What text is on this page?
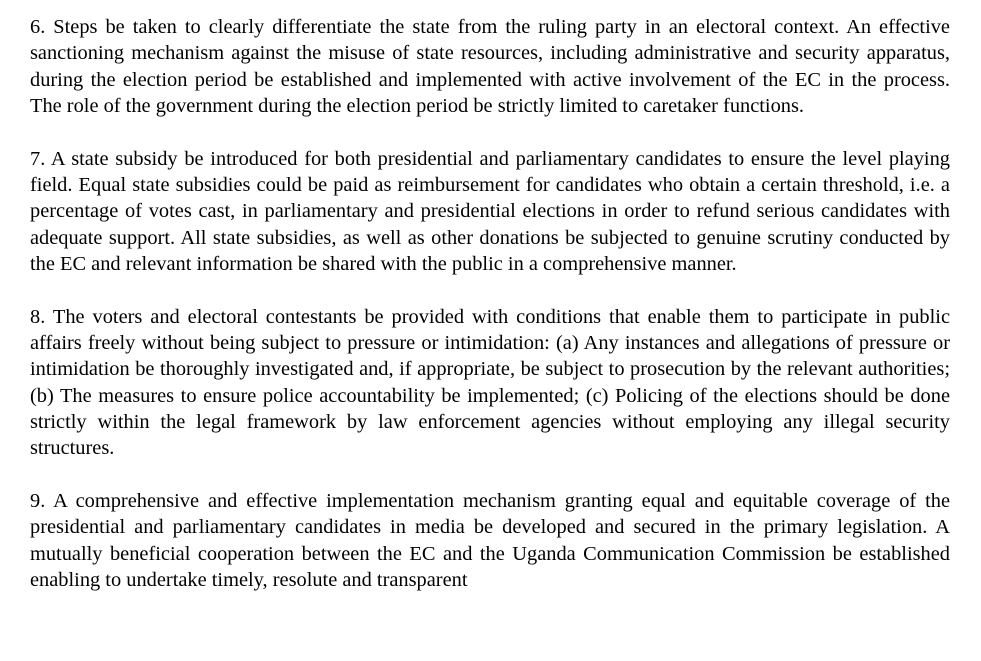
6. Steps be taken to clearly differentiate the state from the ruling party in an electoral context. An effective sanctioning mechanism against the misuse of state resources, including administrative and security apparatus, during the election period be established and implemented with active involvement of the EC in the process. The role of the government during the election period be strictly limited to caretaker functions.

7. A state subsidy be introduced for both presidential and parliamentary candidates to ensure the level playing field. Equal state subsidies could be paid as reimbursement for candidates who obtain a certain threshold, i.e. a percentage of votes cast, in parliamentary and presidential elections in order to refund serious candidates with adequate support. All state subsidies, as well as other donations be subjected to genuine scrutiny conducted by the EC and relevant information be shared with the public in a comprehensive manner.

8. The voters and electoral contestants be provided with conditions that enable them to participate in public affairs freely without being subject to pressure or intimidation: (a) Any instances and allegations of pressure or intimidation be thoroughly investigated and, if appropriate, be subject to prosecution by the relevant authorities; (b) The measures to ensure police accountability be implemented; (c) Policing of the elections should be done strictly within the legal framework by law enforcement agencies without employing any illegal security structures.

9. A comprehensive and effective implementation mechanism granting equal and equitable coverage of the presidential and parliamentary candidates in media be developed and secured in the primary legislation. A mutually beneficial cooperation between the EC and the Uganda Communication Commission be established enabling to undertake timely, resolute and transparent
